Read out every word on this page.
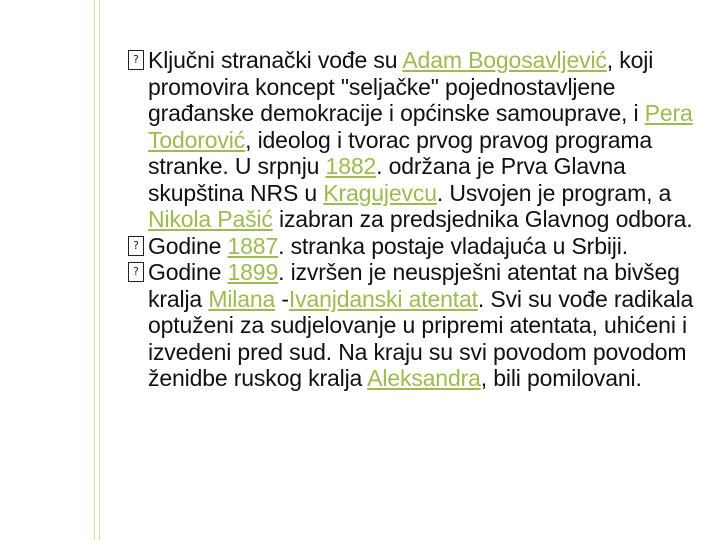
? Ključni stranački vođe su Adam Bogosavljević, koji promovira koncept "seljačke" pojednostavljene građanske demokracije i općinske samouprave, i Pera Todorović, ideolog i tvorac prvog pravog programa stranke. U srpnju 1882. održana je Prva Glavna skupština NRS u Kragujevcu. Usvojen je program, a Nikola Pašić izabran za predsjednika Glavnog odbora.

? Godine 1887. stranka postaje vladajuća u Srbiji.

? Godine 1899. izvršen je neuspješni atentat na bivšeg kralja Milana -Ivanjdanski atentat. Svi su vođe radikala optuženi za sudjelovanje u pripremi atentata, uhićeni i izvedeni pred sud. Na kraju su svi povodom povodom ženidbe ruskog kralja Aleksandra, bili pomilovani.
